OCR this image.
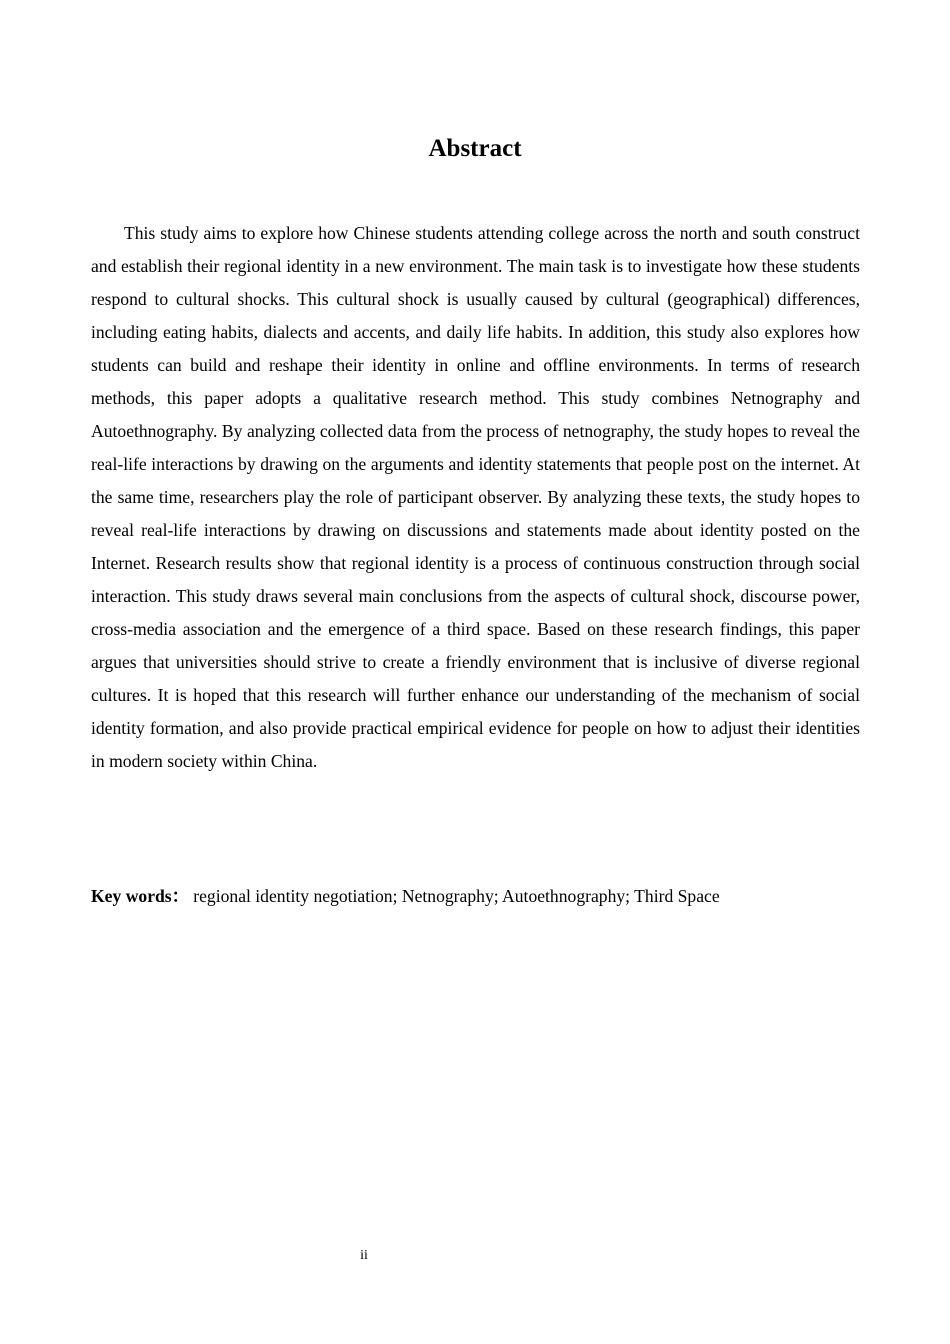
Abstract

This study aims to explore how Chinese students attending college across the north and south construct and establish their regional identity in a new environment. The main task is to investigate how these students respond to cultural shocks. This cultural shock is usually caused by cultural (geographical) differences, including eating habits, dialects and accents, and daily life habits. In addition, this study also explores how students can build and reshape their identity in online and offline environments. In terms of research methods, this paper adopts a qualitative research method. This study combines Netnography and Autoethnography. By analyzing collected data from the process of netnography, the study hopes to reveal the real-life interactions by drawing on the arguments and identity statements that people post on the internet. At the same time, researchers play the role of participant observer. By analyzing these texts, the study hopes to reveal real-life interactions by drawing on discussions and statements made about identity posted on the Internet. Research results show that regional identity is a process of continuous construction through social interaction. This study draws several main conclusions from the aspects of cultural shock, discourse power, cross-media association and the emergence of a third space. Based on these research findings, this paper argues that universities should strive to create a friendly environment that is inclusive of diverse regional cultures. It is hoped that this research will further enhance our understanding of the mechanism of social identity formation, and also provide practical empirical evidence for people on how to adjust their identities in modern society within China.

Key words： regional identity negotiation; Netnography; Autoethnography; Third Space

ii
